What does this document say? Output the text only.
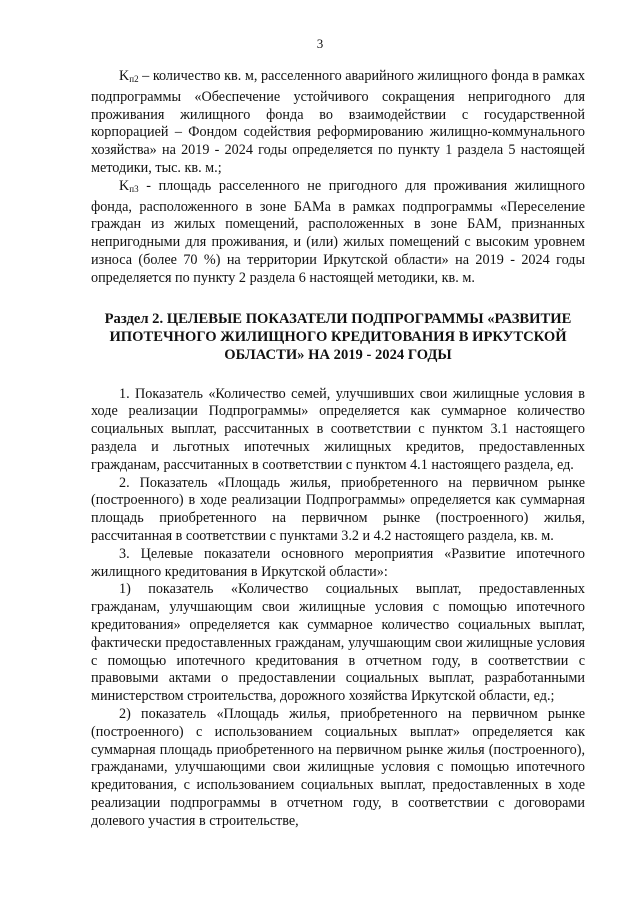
3

$K_{п2}$ – количество кв. м, расселенного аварийного жилищного фонда в рамках подпрограммы «Обеспечение устойчивого сокращения непригодного для проживания жилищного фонда во взаимодействии с государственной корпорацией – Фондом содействия реформированию жилищно-коммунального хозяйства» на 2019 - 2024 годы определяется по пункту 1 раздела 5 настоящей методики, тыс. кв. м.;

$K_{п3}$ - площадь расселенного не пригодного для проживания жилищного фонда, расположенного в зоне БАМа в рамках подпрограммы «Переселение граждан из жилых помещений, расположенных в зоне БАМ, признанных непригодными для проживания, и (или) жилых помещений с высоким уровнем износа (более 70 %) на территории Иркутской области» на 2019 - 2024 годы определяется по пункту 2 раздела 6 настоящей методики, кв. м.

Раздел 2. ЦЕЛЕВЫЕ ПОКАЗАТЕЛИ ПОДПРОГРАММЫ «РАЗВИТИЕ ИПОТЕЧНОГО ЖИЛИЩНОГО КРЕДИТОВАНИЯ В ИРКУТСКОЙ ОБЛАСТИ» НА 2019 - 2024 ГОДЫ

1. Показатель «Количество семей, улучшивших свои жилищные условия в ходе реализации Подпрограммы» определяется как суммарное количество социальных выплат, рассчитанных в соответствии с пунктом 3.1 настоящего раздела и льготных ипотечных жилищных кредитов, предоставленных гражданам, рассчитанных в соответствии с пунктом 4.1 настоящего раздела, ед.

2. Показатель «Площадь жилья, приобретенного на первичном рынке (построенного) в ходе реализации Подпрограммы» определяется как суммарная площадь приобретенного на первичном рынке (построенного) жилья, рассчитанная в соответствии с пунктами 3.2 и 4.2 настоящего раздела, кв. м.

3. Целевые показатели основного мероприятия «Развитие ипотечного жилищного кредитования в Иркутской области»:

1) показатель «Количество социальных выплат, предоставленных гражданам, улучшающим свои жилищные условия с помощью ипотечного кредитования» определяется как суммарное количество социальных выплат, фактически предоставленных гражданам, улучшающим свои жилищные условия с помощью ипотечного кредитования в отчетном году, в соответствии с правовыми актами о предоставлении социальных выплат, разработанными министерством строительства, дорожного хозяйства Иркутской области, ед.;

2) показатель «Площадь жилья, приобретенного на первичном рынке (построенного) с использованием социальных выплат» определяется как суммарная площадь приобретенного на первичном рынке жилья (построенного), гражданами, улучшающими свои жилищные условия с помощью ипотечного кредитования, с использованием социальных выплат, предоставленных в ходе реализации подпрограммы в отчетном году, в соответствии с договорами долевого участия в строительстве,
